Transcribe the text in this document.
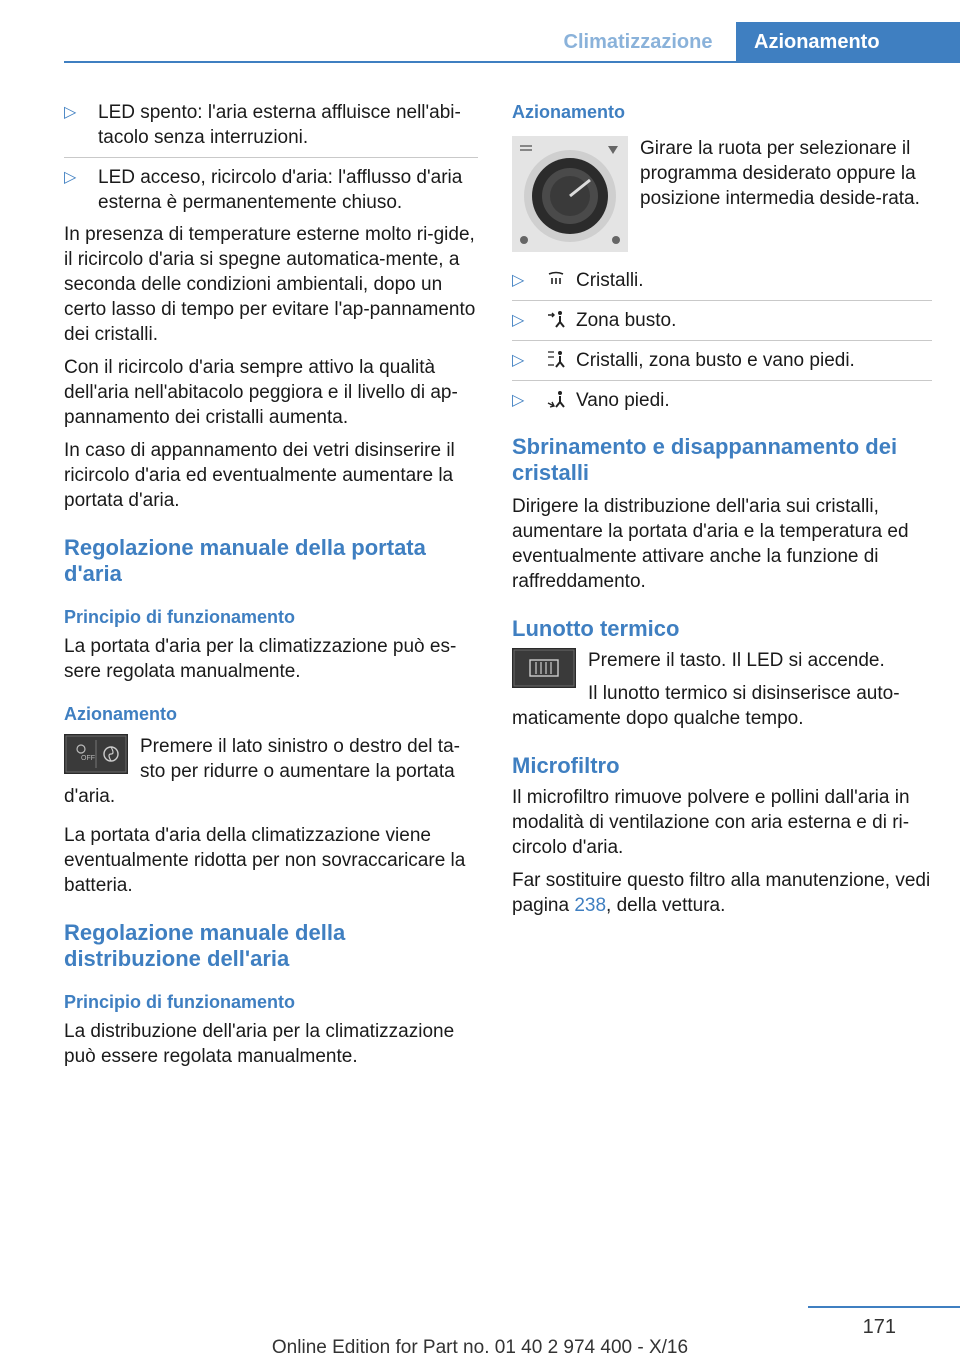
Climatizzazione	Azionamento
▷ LED spento: l'aria esterna affluisce nell'abi-tacolo senza interruzioni.
▷ LED acceso, ricircolo d'aria: l'afflusso d'aria esterna è permanentemente chiuso.

In presenza di temperature esterne molto ri-gide, il ricircolo d'aria si spegne automatica-mente, a seconda delle condizioni ambientali, dopo un certo lasso di tempo per evitare l'ap-pannamento dei cristalli.

Con il ricircolo d'aria sempre attivo la qualità dell'aria nell'abitacolo peggiora e il livello di ap-pannamento dei cristalli aumenta.

In caso di appannamento dei vetri disinserire il ricircolo d'aria ed eventualmente aumentare la portata d'aria.

Regolazione manuale della portata d'aria
Principio di funzionamento

La portata d'aria per la climatizzazione può es-sere regolata manualmente.

Azionamento
OFF

Premere il lato sinistro o destro del ta-sto per ridurre o aumentare la portata d'aria.

La portata d'aria della climatizzazione viene eventualmente ridotta per non sovraccaricare la batteria.

Regolazione manuale della distribuzione dell'aria
Principio di funzionamento

La distribuzione dell'aria per la climatizzazione può essere regolata manualmente.

Azionamento

Girare la ruota per selezionare il programma desiderato oppure la posizione intermedia deside-rata.

▷	Cristalli.
▷	Zona busto.
▷	Cristalli, zona busto e vano piedi.
▷	Vano piedi.
Sbrinamento e disappannamento dei cristalli

Dirigere la distribuzione dell'aria sui cristalli, aumentare la portata d'aria e la temperatura ed eventualmente attivare anche la funzione di raffreddamento.

Lunotto termico

Premere il tasto. Il LED si accende.

Il lunotto termico si disinserisce auto-maticamente dopo qualche tempo.

Microfiltro

Il microfiltro rimuove polvere e pollini dall'aria in modalità di ventilazione con aria esterna e di ri-circolo d'aria.

Far sostituire questo filtro alla manutenzione, vedi pagina 238, della vettura.

171
Online Edition for Part no. 01 40 2 974 400 - X/16
